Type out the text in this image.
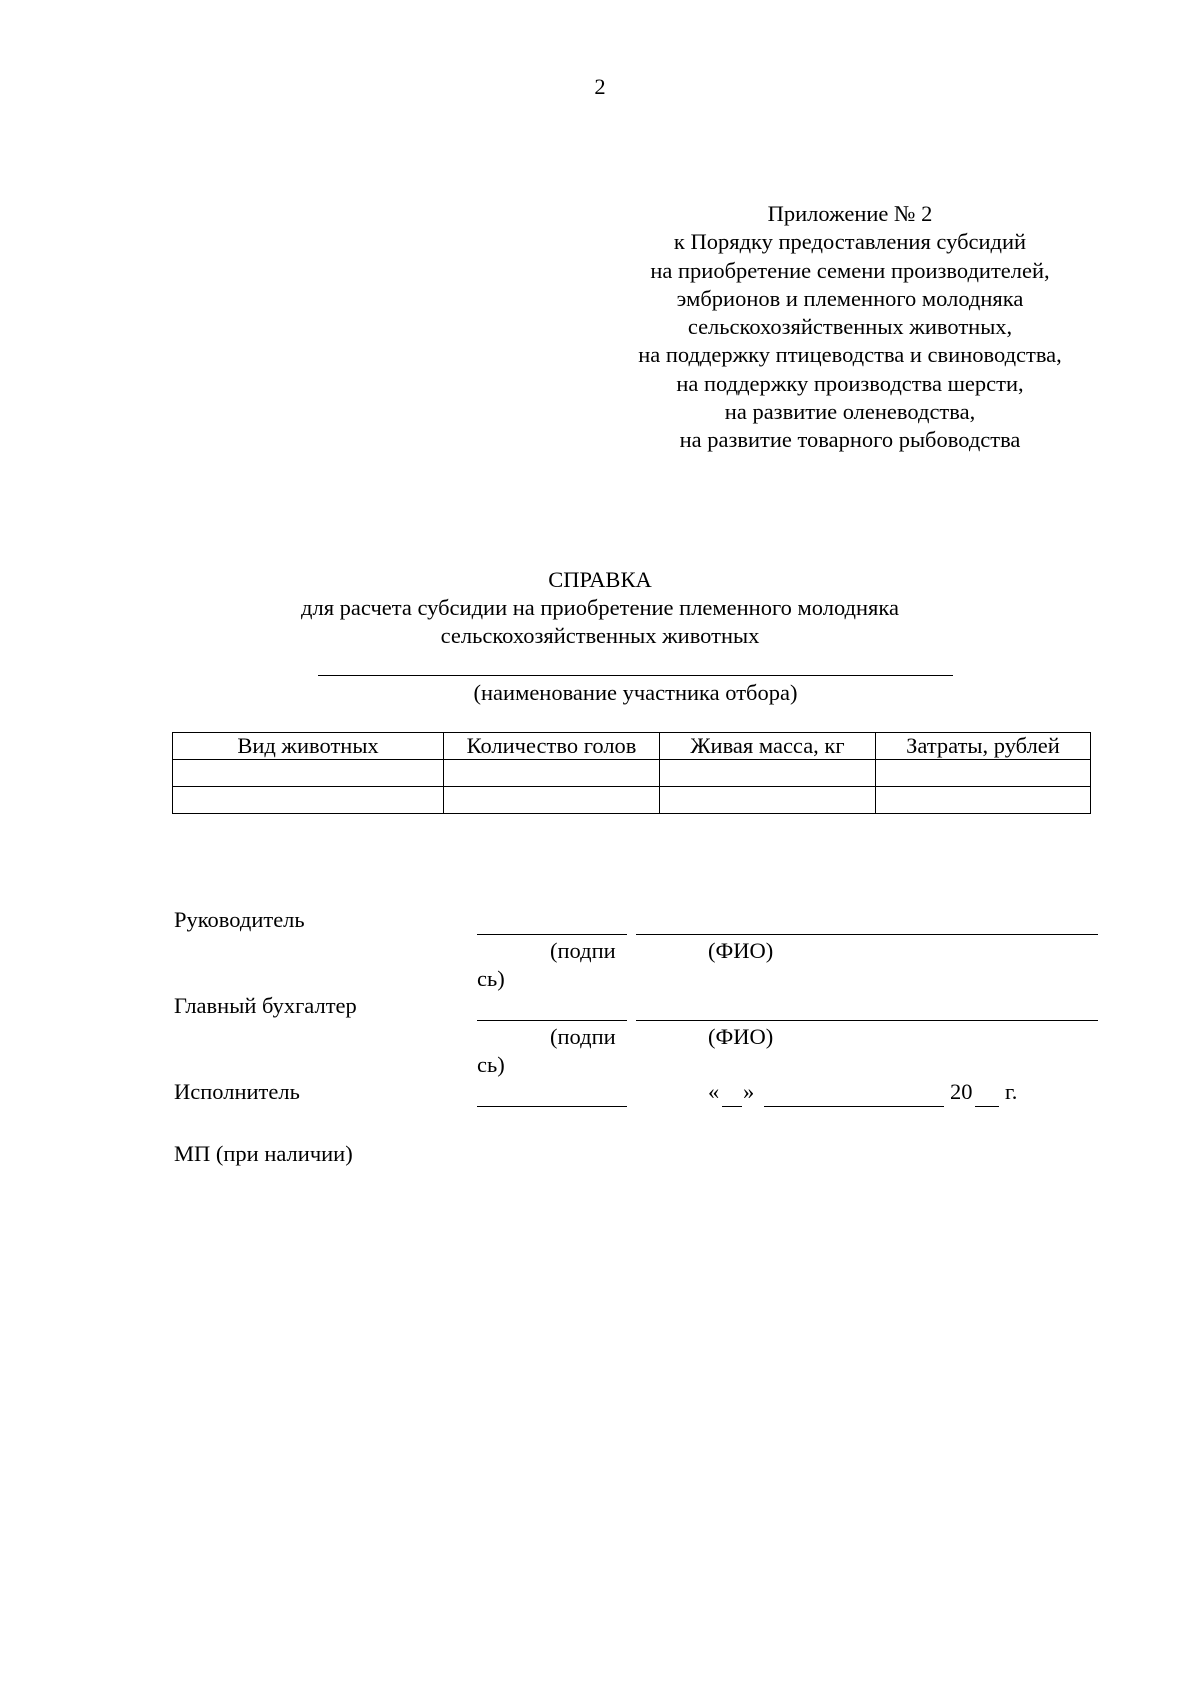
2
Приложение № 2
к Порядку предоставления субсидий
на приобретение семени производителей,
эмбрионов и племенного молодняка
сельскохозяйственных животных,
на поддержку птицеводства и свиноводства,
на поддержку производства шерсти,
на развитие оленеводства,
на развитие товарного рыбоводства
СПРАВКА
для расчета субсидии на приобретение племенного молодняка
сельскохозяйственных животных
(наименование участника отбора)
Вид животных	Количество голов	Живая масса, кг	Затраты, рублей

Руководитель
(подпи	(ФИО)
сь)
Главный бухгалтер
(подпи	(ФИО)
сь)
Исполнитель	« »	20 г.
МП (при наличии)
